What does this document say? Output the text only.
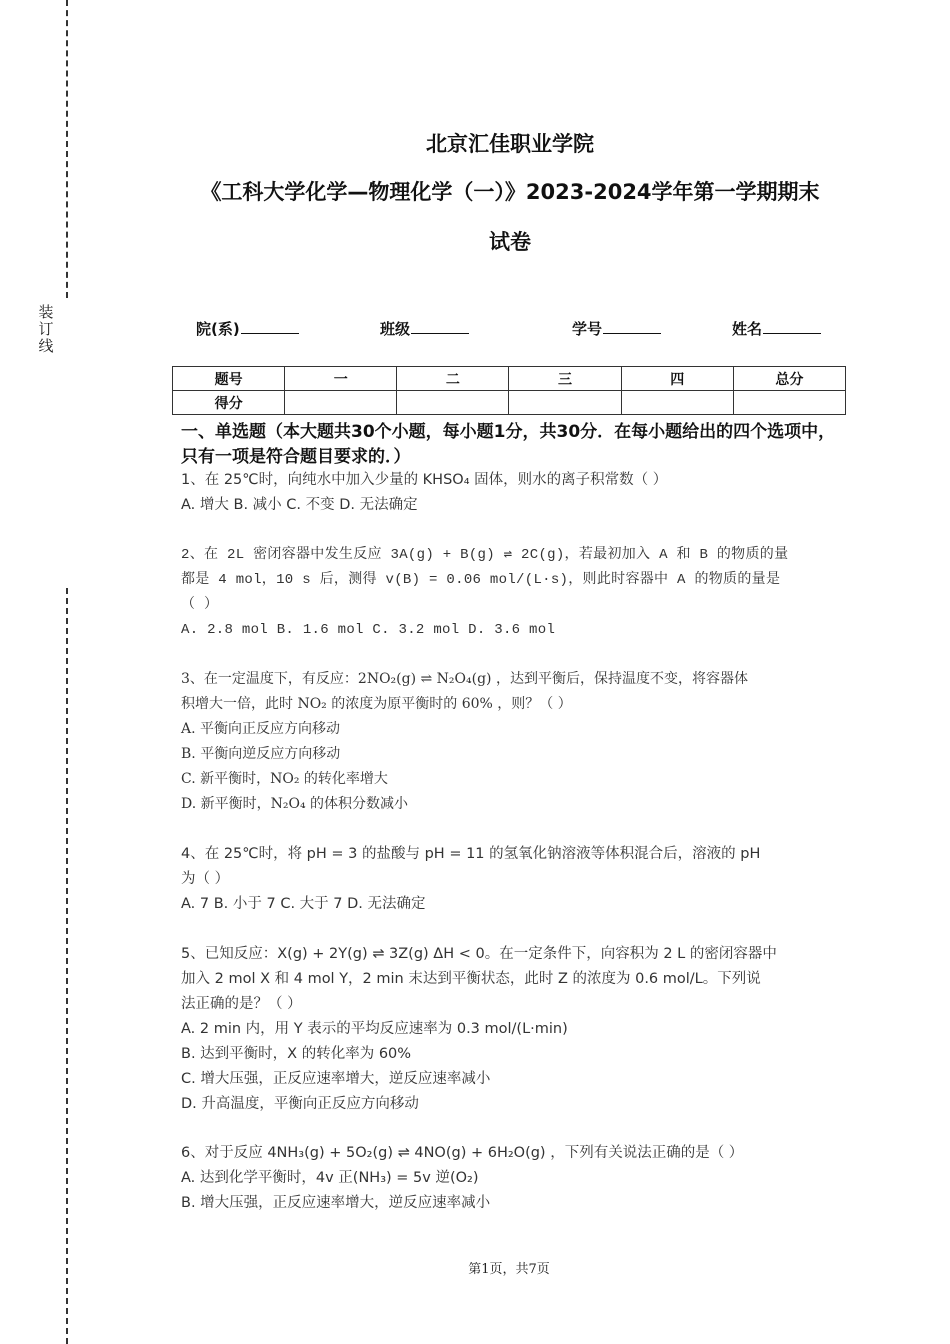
装
订
线
北京汇佳职业学院
《工科大学化学—物理化学（一）》2023-2024学年第一学期期末
试卷
院(系)	班级	学号	姓名
题号	一	二	三	四	总分
得分					
一、单选题（本大题共30个小题，每小题1分，共30分．在每小题给出的四个选项中，只有一项是符合题目要求的．）

1、在 25℃时，向纯水中加入少量的 KHSO₄ 固体，则水的离子积常数（ ）

A. 增大 B. 减小 C. 不变 D. 无法确定

2、在 2L 密闭容器中发生反应 3A(g) + B(g) ⇌ 2C(g)，若最初加入 A 和 B 的物质的量

都是 4 mol，10 s 后，测得 v(B) = 0.06 mol/(L·s)，则此时容器中 A 的物质的量是

（ ）

A. 2.8 mol B. 1.6 mol C. 3.2 mol D. 3.6 mol

3、在一定温度下，有反应：2NO₂(g) ⇌ N₂O₄(g) ，达到平衡后，保持温度不变，将容器体

积增大一倍，此时 NO₂ 的浓度为原平衡时的 60% ，则？（ ）

A. 平衡向正反应方向移动

B. 平衡向逆反应方向移动

C. 新平衡时，NO₂ 的转化率增大

D. 新平衡时，N₂O₄ 的体积分数减小

4、在 25℃时，将 pH = 3 的盐酸与 pH = 11 的氢氧化钠溶液等体积混合后，溶液的 pH

为（ ）

A. 7 B. 小于 7 C. 大于 7 D. 无法确定

5、已知反应：X(g) + 2Y(g) ⇌ 3Z(g) ΔH < 0。在一定条件下，向容积为 2 L 的密闭容器中

加入 2 mol X 和 4 mol Y，2 min 末达到平衡状态，此时 Z 的浓度为 0.6 mol/L。下列说

法正确的是？（ ）

A. 2 min 内，用 Y 表示的平均反应速率为 0.3 mol/(L·min)

B. 达到平衡时，X 的转化率为 60%

C. 增大压强，正反应速率增大，逆反应速率减小

D. 升高温度，平衡向正反应方向移动

6、对于反应 4NH₃(g) + 5O₂(g) ⇌ 4NO(g) + 6H₂O(g) ，下列有关说法正确的是（ ）

A. 达到化学平衡时，4v 正(NH₃) = 5v 逆(O₂)

B. 增大压强，正反应速率增大，逆反应速率减小

第1页，共7页
